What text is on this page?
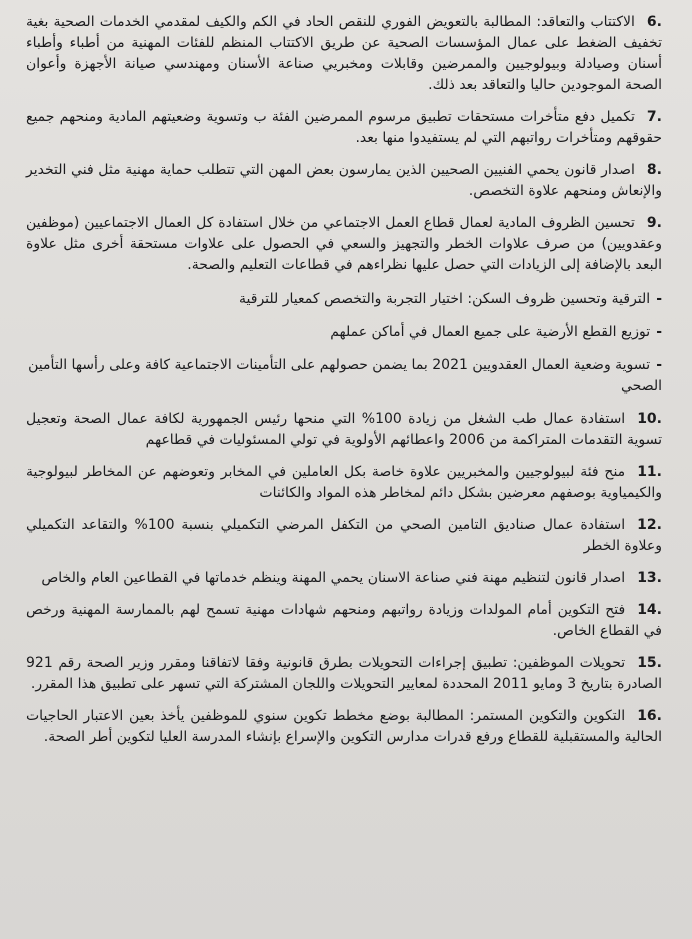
.6الاكتتاب والتعاقد: المطالبة بالتعويض الفوري للنقص الحاد في الكم والكيف لمقدمي الخدمات الصحية بغية تخفيف الضغط على عمال المؤسسات الصحية عن طريق الاكتتاب المنظم للفئات المهنية من أطباء وأطباء أسنان وصيادلة وبيولوجيين والممرضين وقابلات ومخبريي صناعة الأسنان ومهندسي صيانة الأجهزة وأعوان الصحة الموجودين حاليا والتعاقد بعد ذلك.

.7تكميل دفع متأخرات مستحقات تطبيق مرسوم الممرضين الفئة ب وتسوية وضعيتهم المادية ومنحهم جميع حقوقهم ومتأخرات رواتبهم التي لم يستفيدوا منها بعد.

.8اصدار قانون يحمي الفنيين الصحيين الذين يمارسون بعض المهن التي تتطلب حماية مهنية مثل فني التخدير والإنعاش ومنحهم علاوة التخصص.

.9تحسين الظروف المادية لعمال قطاع العمل الاجتماعي من خلال استفادة كل العمال الاجتماعيين (موظفين وعقدويين) من صرف علاوات الخطر والتجهيز والسعي في الحصول على علاوات مستحقة أخرى مثل علاوة البعد بالإضافة إلى الزيادات التي حصل عليها نظراءهم في قطاعات التعليم والصحة.

-الترقية وتحسين ظروف السكن: اختيار التجربة والتخصص كمعيار للترقية

-توزيع القطع الأرضية على جميع العمال في أماكن عملهم

-تسوية وضعية العمال العقدويين 2021 بما يضمن حصولهم على التأمينات الاجتماعية كافة وعلى رأسها التأمين الصحي

.10استفادة عمال طب الشغل من زيادة 100% التي منحها رئيس الجمهورية لكافة عمال الصحة وتعجيل تسوية التقدمات المتراكمة من 2006 واعطائهم الأولوية في تولي المسئوليات في قطاعهم

.11منح فئة لبيولوجيين والمخبريين علاوة خاصة بكل العاملين في المخابر وتعوضهم عن المخاطر لبيولوجية والكيمياوية بوصفهم معرضين بشكل دائم لمخاطر هذه المواد والكائنات

.12استفادة عمال صناديق التامين الصحي من التكفل المرضي التكميلي بنسبة 100% والتقاعد التكميلي وعلاوة الخطر

.13اصدار قانون لتنظيم مهنة فني صناعة الاسنان يحمي المهنة وينظم خدماتها في القطاعين العام والخاص

.14فتح التكوين أمام المولدات وزيادة رواتبهم ومنحهم شهادات مهنية تسمح لهم بالممارسة المهنية ورخص في القطاع الخاص.

.15تحويلات الموظفين: تطبيق إجراءات التحويلات بطرق قانونية وفقا لاتفاقنا ومقرر وزير الصحة رقم 921 الصادرة بتاريخ 3 ومايو 2011 المحددة لمعايير التحويلات واللجان المشتركة التي تسهر على تطبيق هذا المقرر.

.16التكوين والتكوين المستمر: المطالبة بوضع مخطط تكوين سنوي للموظفين يأخذ بعين الاعتبار الحاجيات الحالية والمستقبلية للقطاع ورفع قدرات مدارس التكوين والإسراع بإنشاء المدرسة العليا لتكوين أطر الصحة.
